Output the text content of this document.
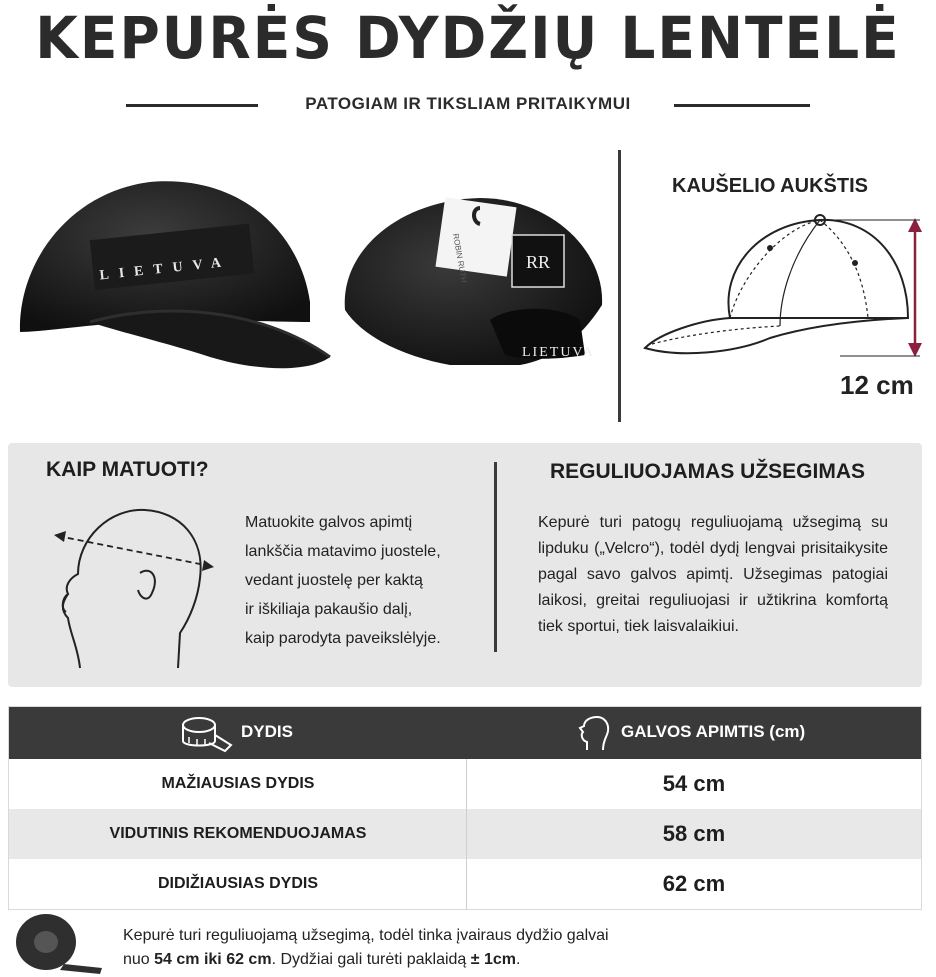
KEPURĖS DYDŽIŲ LENTELĖ
PATOGIAM IR TIKSLIAM PRITAIKYMUI
LIETUVA
LIETUVA
ROBIN RUTH	RR
KAUŠELIO AUKŠTIS
12 cm
KAIP MATUOTI?
Matuokite galvos apimtį
lankščia matavimo juostele,
vedant juostelę per kaktą
ir iškiliaja pakaušio dalį,
kaip parodyta paveikslėlyje.
REGULIUOJAMAS UŽSEGIMAS
Kepurė turi patogų reguliuojamą užsegimą su lipduku („Velcro“), todėl dydį lengvai prisitaikysite pagal savo galvos apimtį. Užsegimas patogiai laikosi, greitai reguliuojasi ir užtikrina komfortą tiek sportui, tiek laisvalaikiui.
DYDIS	GALVOS APIMTIS (cm)
MAŽIAUSIAS DYDIS	54 cm
VIDUTINIS REKOMENDUOJAMAS	58 cm
DIDIŽIAUSIAS DYDIS	62 cm
Kepurė turi reguliuojamą užsegimą, todėl tinka įvairaus dydžio galvai
nuo 54 cm iki 62 cm. Dydžiai gali turėti paklaidą ± 1cm.
